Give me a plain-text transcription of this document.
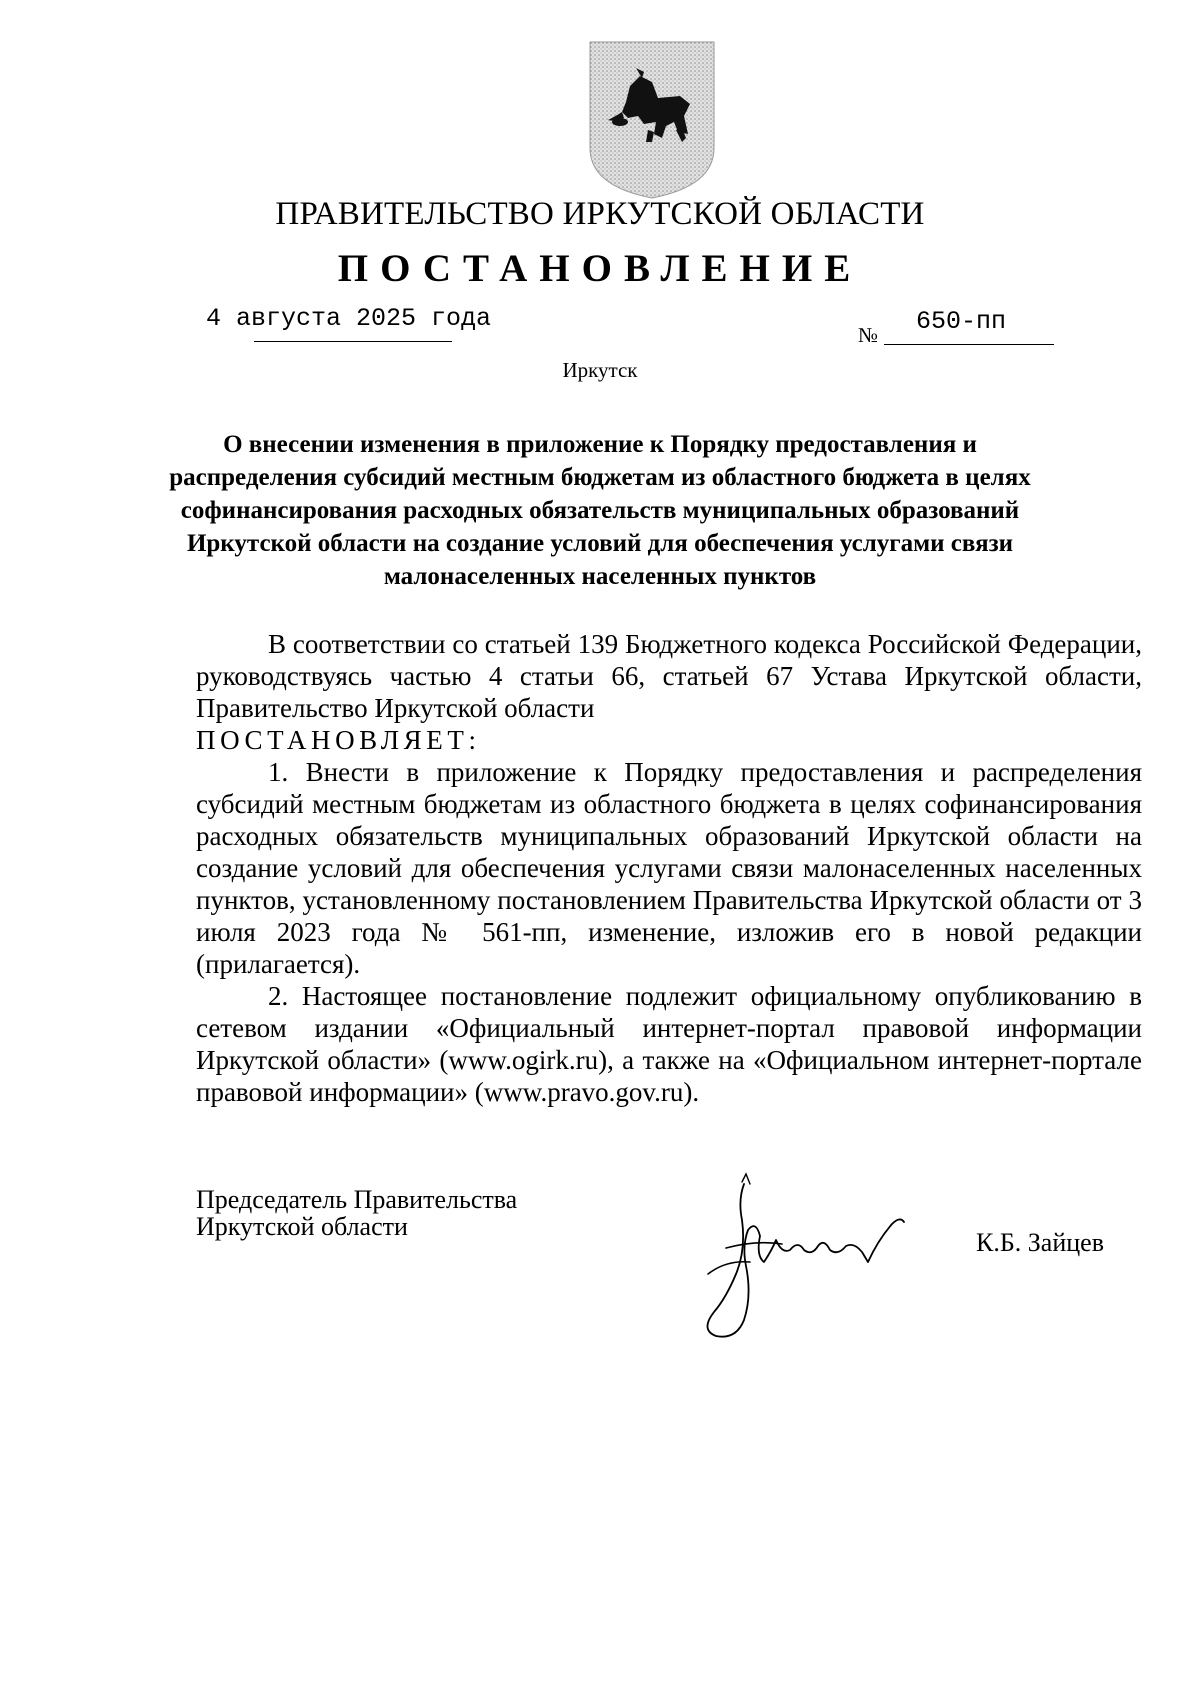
ПРАВИТЕЛЬСТВО ИРКУТСКОЙ ОБЛАСТИ
ПОСТАНОВЛЕНИЕ
4 августа 2025 года
№ 650-пп
Иркутск
О внесении изменения в приложение к Порядку предоставления и распределения субсидий местным бюджетам из областного бюджета в целях софинансирования расходных обязательств муниципальных образований Иркутской области на создание условий для обеспечения услугами связи малонаселенных населенных пунктов

В соответствии со статьей 139 Бюджетного кодекса Российской Федерации, руководствуясь частью 4 статьи 66, статьей 67 Устава Иркутской области, Правительство Иркутской области

ПОСТАНОВЛЯЕТ:

1. Внести в приложение к Порядку предоставления и распределения субсидий местным бюджетам из областного бюджета в целях софинансирования расходных обязательств муниципальных образований Иркутской области на создание условий для обеспечения услугами связи малонаселенных населенных пунктов, установленному постановлением Правительства Иркутской области от 3 июля 2023 года № 561-пп, изменение, изложив его в новой редакции (прилагается).

2. Настоящее постановление подлежит официальному опубликованию в сетевом издании «Официальный интернет-портал правовой информации Иркутской области» (www.ogirk.ru), а также на «Официальном интернет-портале правовой информации» (www.pravo.gov.ru).

Председатель Правительства
Иркутской области
К.Б. Зайцев
